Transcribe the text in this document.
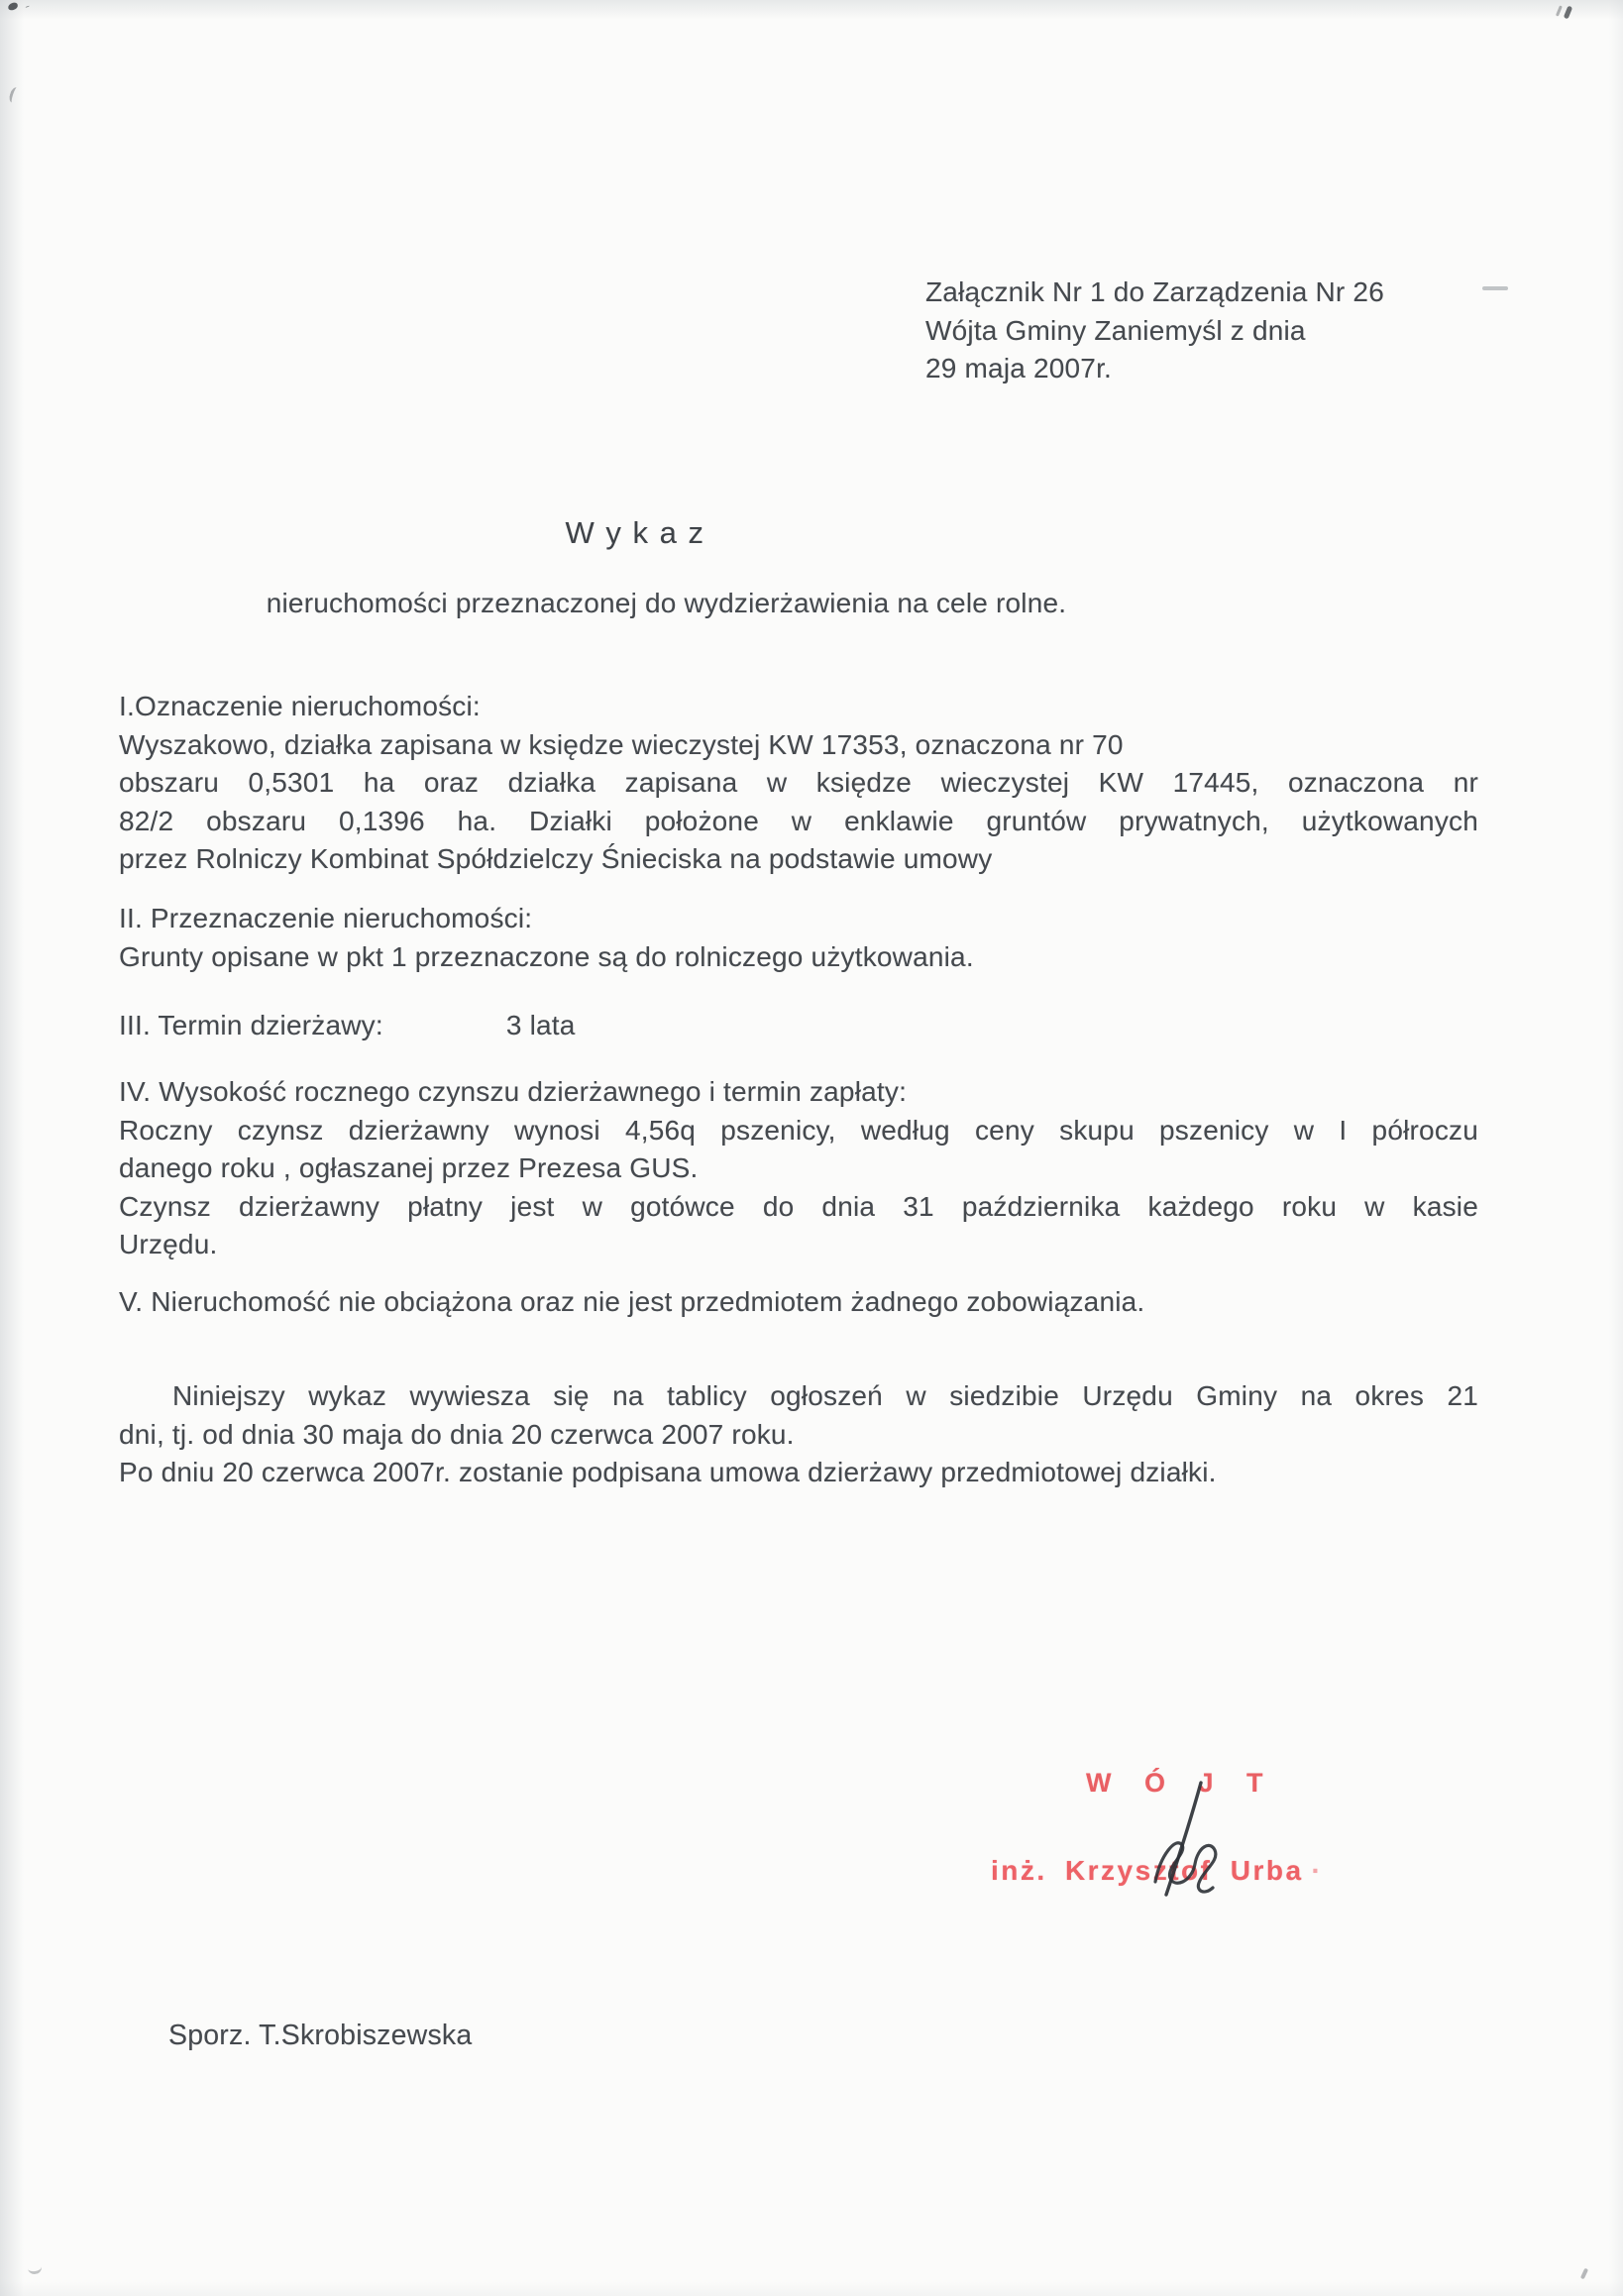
Załącznik Nr 1 do Zarządzenia Nr 26
Wójta Gminy Zaniemyśl z dnia
29 maja 2007r.
W y k a z
nieruchomości przeznaczonej do wydzierżawienia na cele rolne.
I.Oznaczenie nieruchomości:
Wyszakowo, działka zapisana w księdze wieczystej KW 17353, oznaczona nr 70
obszaru 0,5301 ha oraz działka zapisana w księdze wieczystej KW 17445, oznaczona nr
82/2 obszaru 0,1396 ha. Działki położone w enklawie gruntów prywatnych, użytkowanych
przez Rolniczy Kombinat Spółdzielczy Śnieciska na podstawie umowy
II. Przeznaczenie nieruchomości:
Grunty opisane w pkt 1 przeznaczone są do rolniczego użytkowania.
III. Termin dzierżawy:	3 lata
IV. Wysokość rocznego czynszu dzierżawnego i termin zapłaty:
Roczny czynsz dzierżawny wynosi 4,56q pszenicy, według ceny skupu pszenicy w I półroczu
danego roku , ogłaszanej przez Prezesa GUS.
Czynsz dzierżawny płatny jest w gotówce do dnia 31 października każdego roku w kasie
Urzędu.
V. Nieruchomość nie obciążona oraz nie jest przedmiotem żadnego zobowiązania.
Niniejszy wykaz wywiesza się na tablicy ogłoszeń w siedzibie Urzędu Gminy na okres 21
dni, tj. od dnia 30 maja do dnia 20 czerwca 2007 roku.
Po dniu 20 czerwca 2007r. zostanie podpisana umowa dzierżawy przedmiotowej działki.
W Ó J T
inż. Krzysztof Urba ·
Sporz. T.Skrobiszewska
